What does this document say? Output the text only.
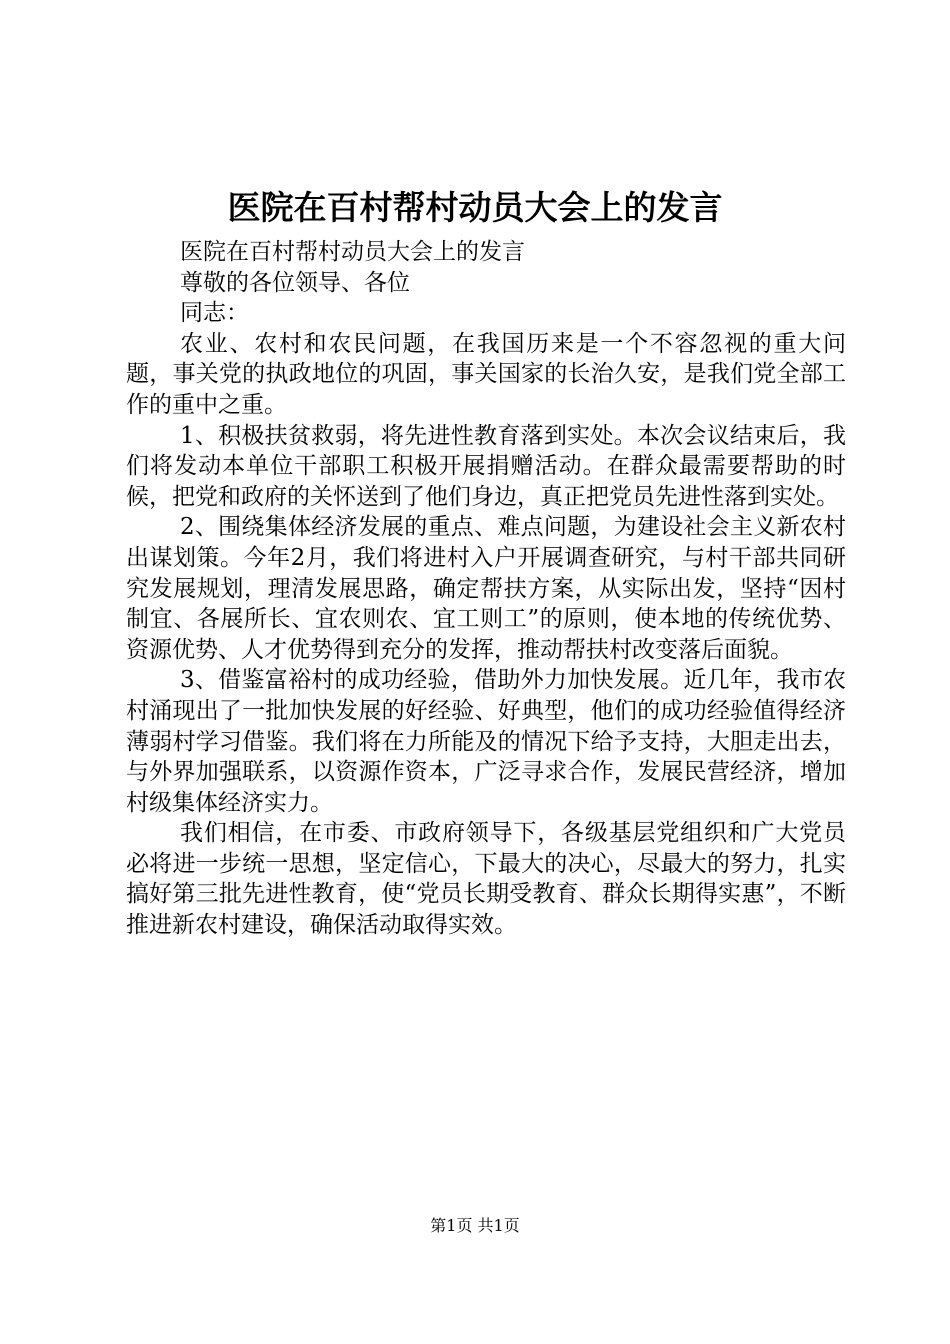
医院在百村帮村动员大会上的发言

医院在百村帮村动员大会上的发言

尊敬的各位领导、各位

同志：

农业、农村和农民问题，在我国历来是一个不容忽视的重大问题，事关党的执政地位的巩固，事关国家的长治久安，是我们党全部工作的重中之重。

1、积极扶贫救弱，将先进性教育落到实处。本次会议结束后，我们将发动本单位干部职工积极开展捐赠活动。在群众最需要帮助的时候，把党和政府的关怀送到了他们身边，真正把党员先进性落到实处。

2、围绕集体经济发展的重点、难点问题，为建设社会主义新农村出谋划策。今年2月，我们将进村入户开展调查研究，与村干部共同研究发展规划，理清发展思路，确定帮扶方案，从实际出发，坚持“因村制宜、各展所长、宜农则农、宜工则工”的原则，使本地的传统优势、资源优势、人才优势得到充分的发挥，推动帮扶村改变落后面貌。

3、借鉴富裕村的成功经验，借助外力加快发展。近几年，我市农村涌现出了一批加快发展的好经验、好典型，他们的成功经验值得经济薄弱村学习借鉴。我们将在力所能及的情况下给予支持，大胆走出去，与外界加强联系，以资源作资本，广泛寻求合作，发展民营经济，增加村级集体经济实力。

我们相信，在市委、市政府领导下，各级基层党组织和广大党员必将进一步统一思想，坚定信心，下最大的决心，尽最大的努力，扎实搞好第三批先进性教育，使“党员长期受教育、群众长期得实惠”，不断推进新农村建设，确保活动取得实效。

第1页 共1页
